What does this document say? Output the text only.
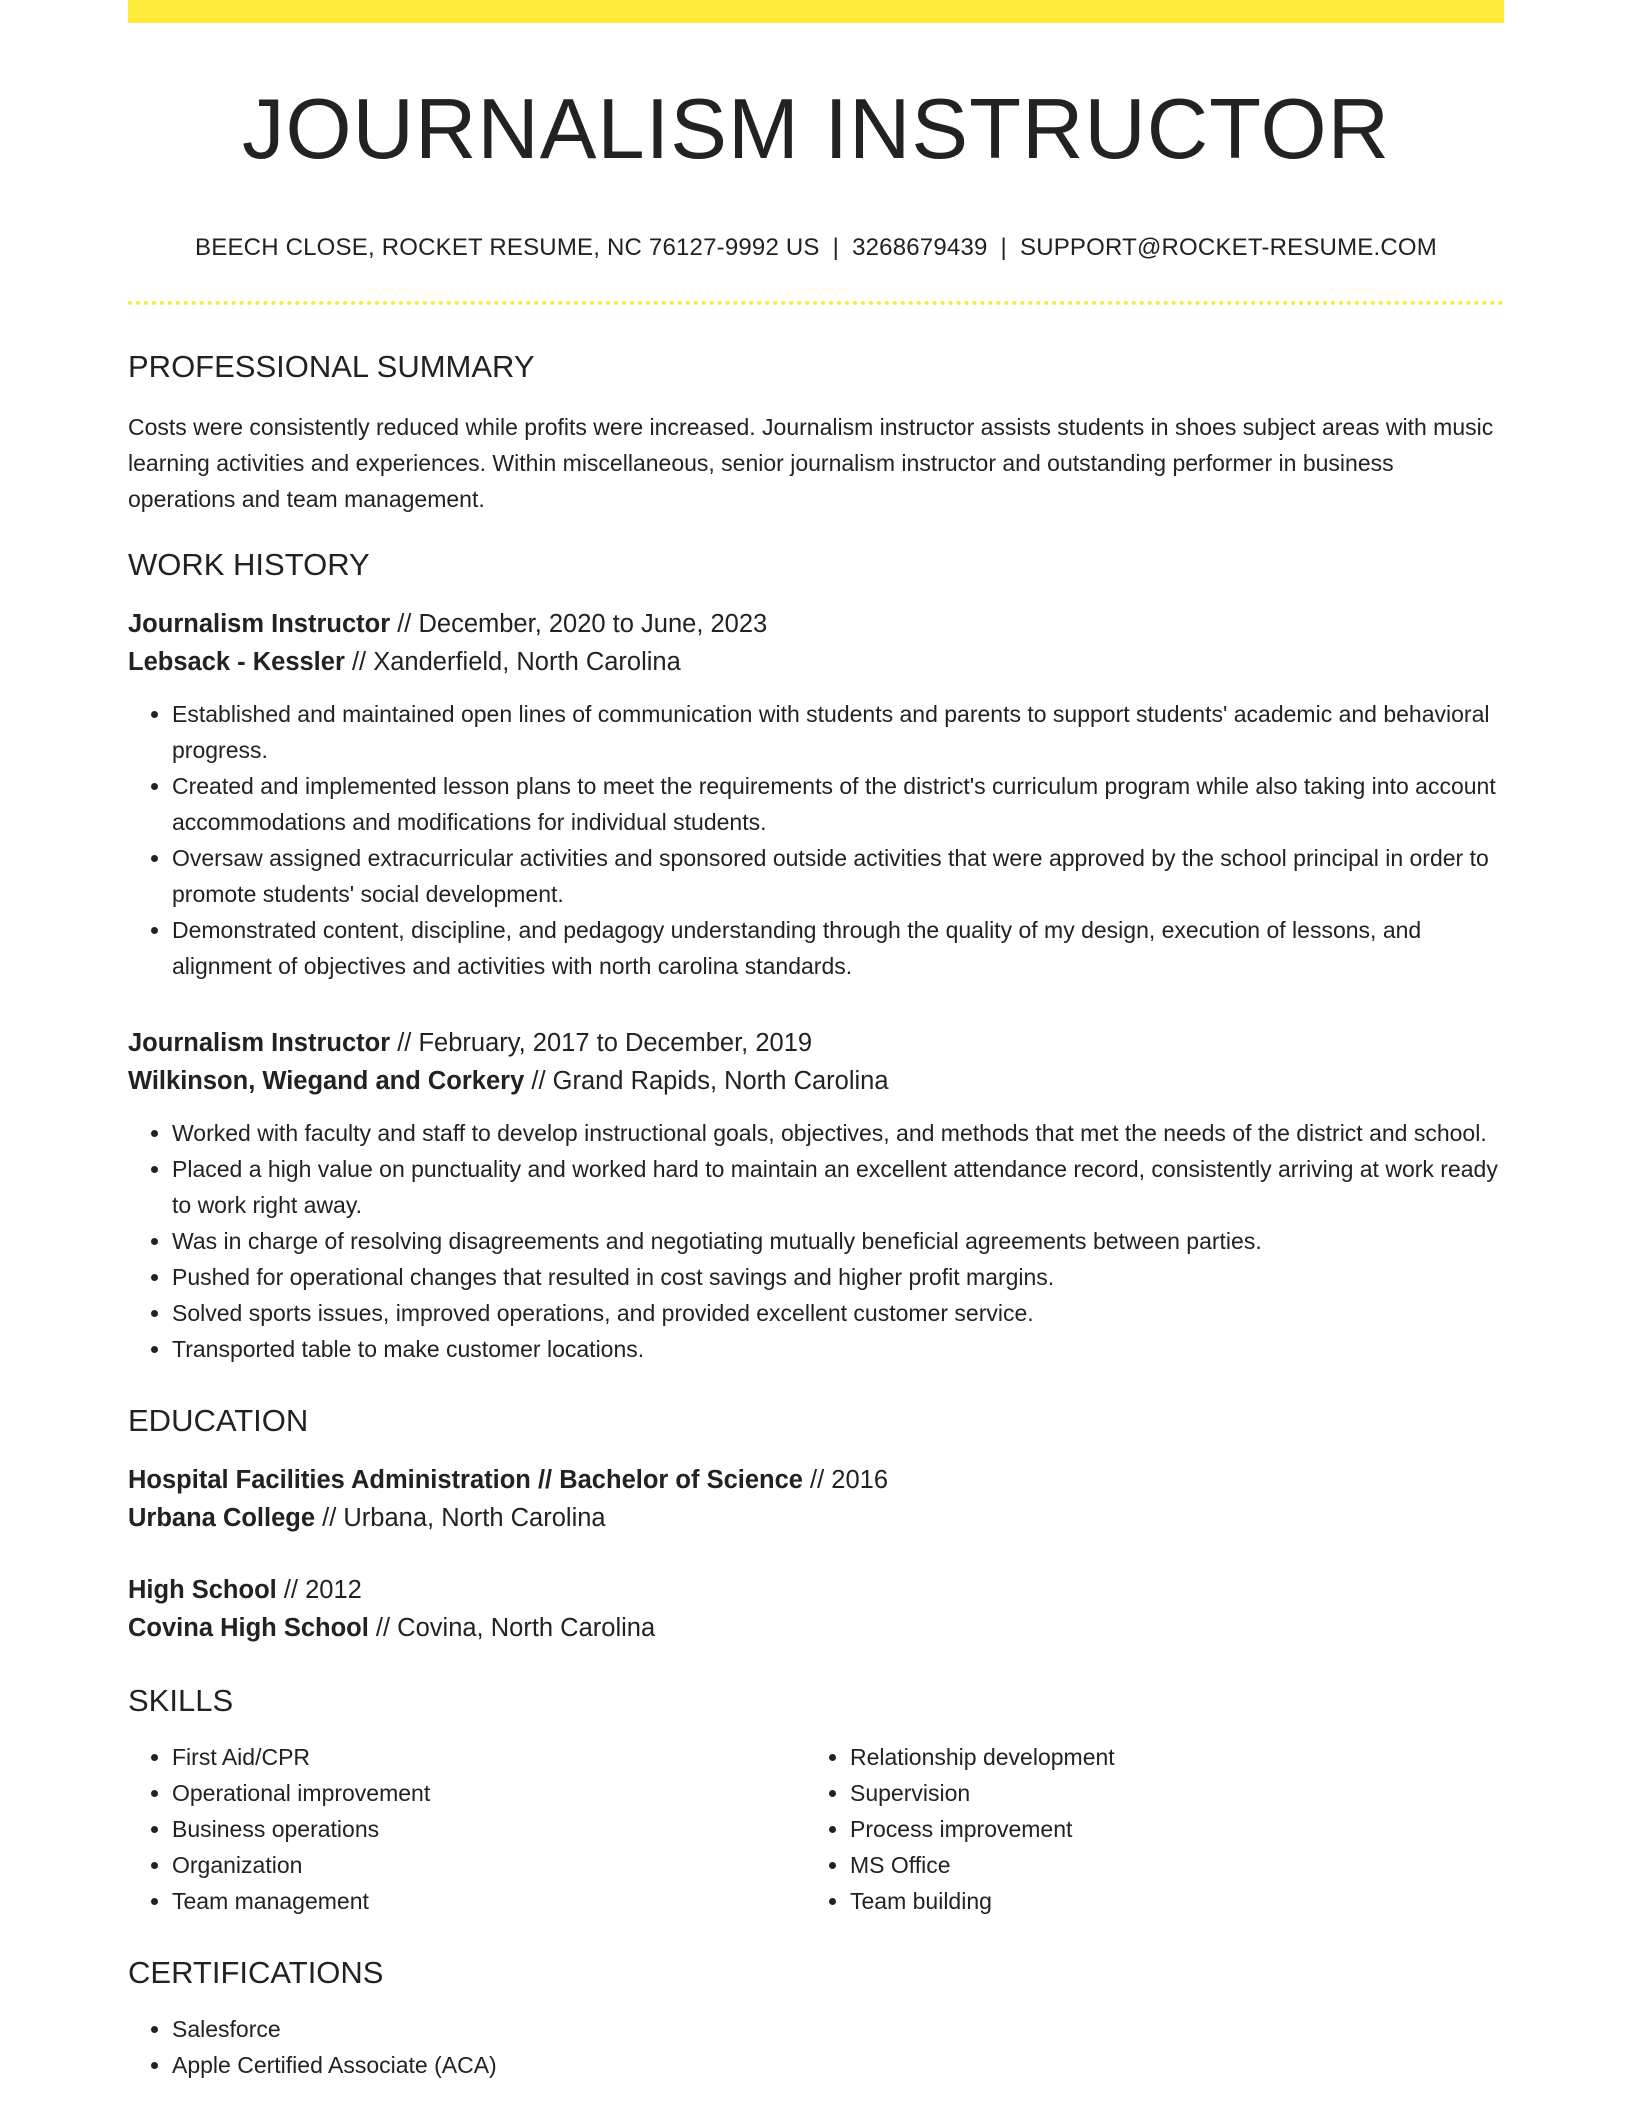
JOURNALISM INSTRUCTOR
BEECH CLOSE, ROCKET RESUME, NC 76127-9992 US | 3268679439 | SUPPORT@ROCKET-RESUME.COM
PROFESSIONAL SUMMARY
Costs were consistently reduced while profits were increased. Journalism instructor assists students in shoes subject areas with music learning activities and experiences. Within miscellaneous, senior journalism instructor and outstanding performer in business operations and team management.
WORK HISTORY
Journalism Instructor // December, 2020 to June, 2023
Lebsack - Kessler // Xanderfield, North Carolina
• Established and maintained open lines of communication with students and parents to support students' academic and behavioral progress.
• Created and implemented lesson plans to meet the requirements of the district's curriculum program while also taking into account accommodations and modifications for individual students.
• Oversaw assigned extracurricular activities and sponsored outside activities that were approved by the school principal in order to promote students' social development.
• Demonstrated content, discipline, and pedagogy understanding through the quality of my design, execution of lessons, and alignment of objectives and activities with north carolina standards.
Journalism Instructor // February, 2017 to December, 2019
Wilkinson, Wiegand and Corkery // Grand Rapids, North Carolina
• Worked with faculty and staff to develop instructional goals, objectives, and methods that met the needs of the district and school.
• Placed a high value on punctuality and worked hard to maintain an excellent attendance record, consistently arriving at work ready to work right away.
• Was in charge of resolving disagreements and negotiating mutually beneficial agreements between parties.
• Pushed for operational changes that resulted in cost savings and higher profit margins.
• Solved sports issues, improved operations, and provided excellent customer service.
• Transported table to make customer locations.
EDUCATION
Hospital Facilities Administration // Bachelor of Science // 2016
Urbana College // Urbana, North Carolina
High School // 2012
Covina High School // Covina, North Carolina
SKILLS
• First Aid/CPR
• Operational improvement
• Business operations
• Organization
• Team management
• Relationship development
• Supervision
• Process improvement
• MS Office
• Team building
CERTIFICATIONS
• Salesforce
• Apple Certified Associate (ACA)
